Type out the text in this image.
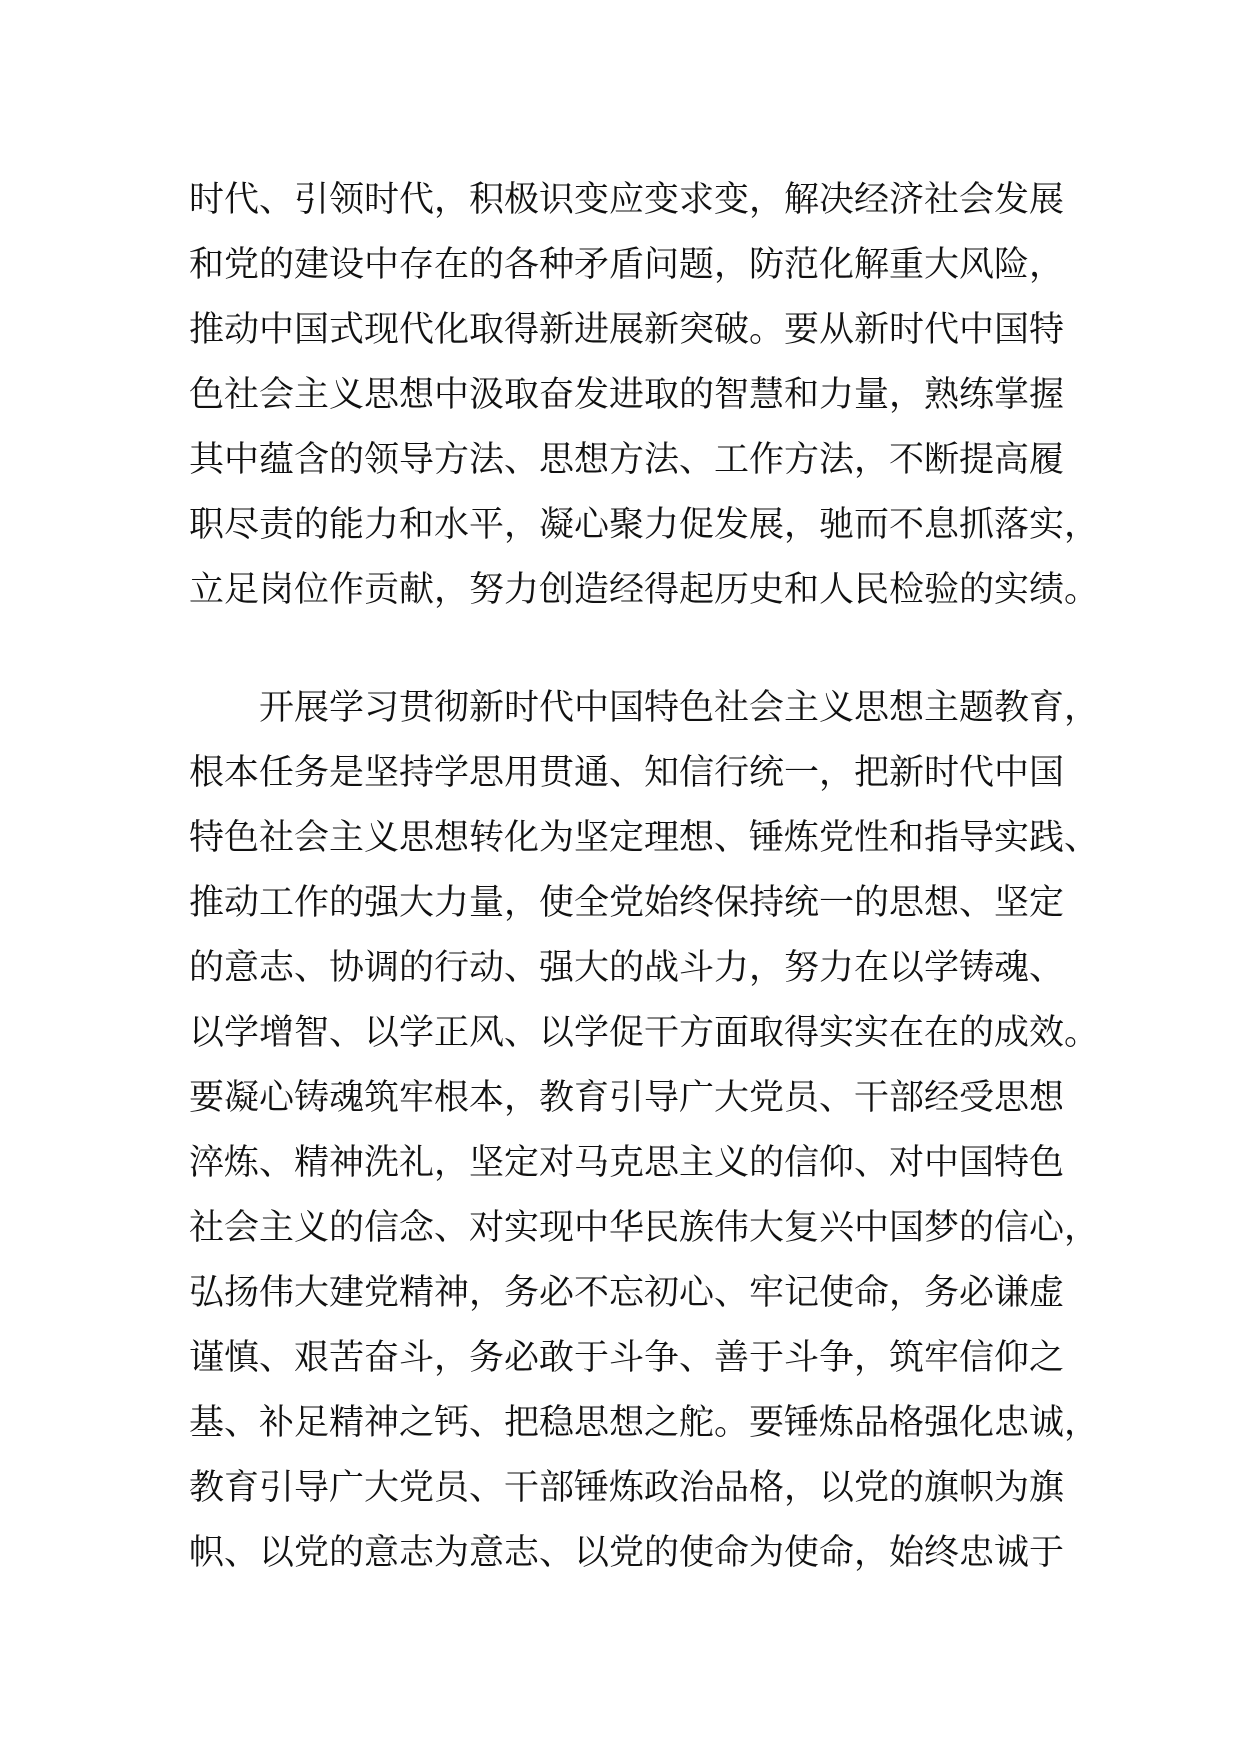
时代、引领时代，积极识变应变求变，解决经济社会发展
和党的建设中存在的各种矛盾问题，防范化解重大风险，
推动中国式现代化取得新进展新突破。要从新时代中国特
色社会主义思想中汲取奋发进取的智慧和力量，熟练掌握
其中蕴含的领导方法、思想方法、工作方法，不断提高履
职尽责的能力和水平，凝心聚力促发展，驰而不息抓落实，
立足岗位作贡献，努力创造经得起历史和人民检验的实绩。
　　开展学习贯彻新时代中国特色社会主义思想主题教育，
根本任务是坚持学思用贯通、知信行统一，把新时代中国
特色社会主义思想转化为坚定理想、锤炼党性和指导实践、
推动工作的强大力量，使全党始终保持统一的思想、坚定
的意志、协调的行动、强大的战斗力，努力在以学铸魂、
以学增智、以学正风、以学促干方面取得实实在在的成效。
要凝心铸魂筑牢根本，教育引导广大党员、干部经受思想
淬炼、精神洗礼，坚定对马克思主义的信仰、对中国特色
社会主义的信念、对实现中华民族伟大复兴中国梦的信心，
弘扬伟大建党精神，务必不忘初心、牢记使命，务必谦虚
谨慎、艰苦奋斗，务必敢于斗争、善于斗争，筑牢信仰之
基、补足精神之钙、把稳思想之舵。要锤炼品格强化忠诚，
教育引导广大党员、干部锤炼政治品格，以党的旗帜为旗
帜、以党的意志为意志、以党的使命为使命，始终忠诚于
